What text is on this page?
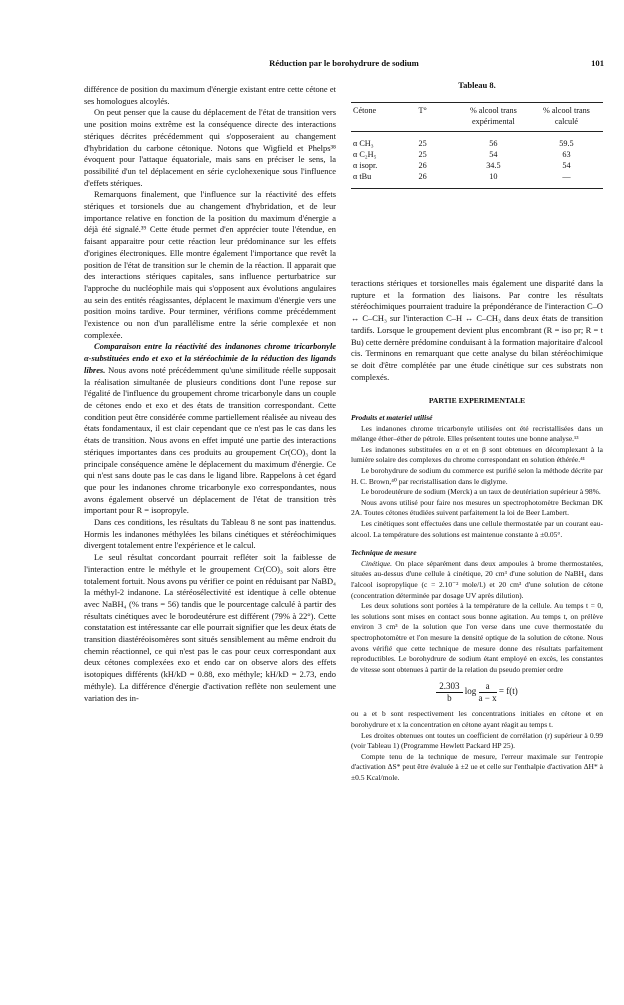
Réduction par le borohydrure de sodium	101

différence de position du maximum d'énergie existant entre cette cétone et ses homologues alcoylés.

On peut penser que la cause du déplacement de l'état de transition vers une position moins extrême est la conséquence directe des interactions stériques décrites précédemment qui s'opposeraient au changement d'hybridation du carbone cétonique. Notons que Wigfield et Phelps³⁸ évoquent pour l'attaque équatoriale, mais sans en préciser le sens, la possibilité d'un tel déplacement en série cyclohexenique sous l'influence d'effets stériques.

Remarquons finalement, que l'influence sur la réactivité des effets stériques et torsionels due au changement d'hybridation, et de leur importance relative en fonction de la position du maximum d'énergie a déjà été signalé.³⁹ Cette étude permet d'en apprécier toute l'étendue, en faisant apparaitre pour cette réaction leur prédominance sur les effets d'origines électroniques. Elle montre également l'importance que revêt la position de l'état de transition sur le chemin de la réaction. Il apparait que des interactions stériques capitales, sans influence perturbatrice sur l'approche du nucléophile mais qui s'opposent aux évolutions angulaires au sein des entités réagissantes, déplacent le maximum d'énergie vers une position moins tardive. Pour terminer, vérifions comme précédemment l'existence ou non d'un parallélisme entre la série complexée et non complexée.

Comparaison entre la réactivité des indanones chrome tricarbonyle α-substituées endo et exo et la stéréochimie de la réduction des ligands libres. Nous avons noté précédemment qu'une similitude réelle supposait la réalisation simultanée de plusieurs conditions dont l'une repose sur l'égalité de l'influence du groupement chrome tricarbonyle dans un couple de cétones endo et exo et des états de transition correspondant. Cette condition peut être considérée comme partiellement réalisée au niveau des états fondamentaux, il est clair cependant que ce n'est pas le cas dans les états de transition. Nous avons en effet imputé une partie des interactions stériques importantes dans ces produits au groupement Cr(CO)₃ dont la principale conséquence amène le déplacement du maximum d'énergie. Ce qui n'est sans doute pas le cas dans le ligand libre. Rappelons à cet égard que pour les indanones chrome tricarbonyle exo correspondantes, nous avons également observé un déplacement de l'état de transition très important pour R = isopropyle.

Dans ces conditions, les résultats du Tableau 8 ne sont pas inattendus. Hormis les indanones méthylées les bilans cinétiques et stéréochimiques divergent totalement entre l'expérience et le calcul.

Le seul résultat concordant pourrait refléter soit la faiblesse de l'interaction entre le méthyle et le groupement Cr(CO)₃ soit alors être totalement fortuit. Nous avons pu vérifier ce point en réduisant par NaBD₄ la méthyl-2 indanone. La stéréosélectivité est identique à celle obtenue avec NaBH₄ (% trans = 56) tandis que le pourcentage calculé à partir des résultats cinétiques avec le borodeutérure est différent (79% à 22°). Cette constatation est intéressante car elle pourrait signifier que les deux états de transition diastéréoisomères sont situés sensiblement au même endroit du chemin réactionnel, ce qui n'est pas le cas pour ceux correspondant aux deux cétones complexées exo et endo car on observe alors des effets isotopiques différents (kH/kD = 0.88, exo méthyle; kH/kD = 2.73, endo méthyle). La différence d'énergie d'activation reflète non seulement une variation des in-

Tableau 8.
Cétone	T°	% alcool trans expérimental	% alcool trans calculé
α CH₃	25	56	59.5
α C₂H₅	25	54	63
α isopr.	26	34.5	54
α tBu	26	10	—

teractions stériques et torsionelles mais également une disparité dans la rupture et la formation des liaisons. Par contre les résultats stéréochimiques pourraient traduire la prépondérance de l'interaction C–O ↔ C–CH₃ sur l'interaction C–H ↔ C–CH₃ dans deux états de transition tardifs. Lorsque le groupement devient plus encombrant (R = iso pr; R = t Bu) cette dernère prédomine conduisant à la formation majoritaire d'alcool cis. Terminons en remarquant que cette analyse du bilan stéréochimique se doit d'être complétée par une étude cinétique sur ces substrats non complexés.

PARTIE EXPERIMENTALE

Produits et materiel utilisé

Les indanones chrome tricarbonyle utilisées ont été recristallisées dans un mélange éther–éther de pétrole. Elles présentent toutes une bonne analyse.¹³

Les indanones substituées en α et en β sont obtenues en décomplexant à la lumière solaire des complexes du chrome correspondant en solution éthérée.⁴¹

Le borohydrure de sodium du commerce est purifié selon la méthode décrite par H. C. Brown,⁴⁰ par recristallisation dans le diglyme.

Le borodeutérure de sodium (Merck) a un taux de deutériation supérieur à 98%.

Nous avons utilisé pour faire nos mesures un spectrophotomètre Beckman DK 2A. Toutes cétones étudiées suivent parfaitement la loi de Beer Lambert.

Les cinétiques sont effectuées dans une cellule thermostatée par un courant eau-alcool. La température des solutions est maintenue constante à ±0.05°.

Technique de mesure

Cinétique. On place séparément dans deux ampoules à brome thermostatées, situées au-dessus d'une cellule à cinétique, 20 cm³ d'une solution de NaBH₄ dans l'alcool isopropylique (c = 2.10⁻² mole/l.) et 20 cm³ d'une solution de cétone (concentration déterminée par dosage UV après dilution).

Les deux solutions sont portées à la température de la cellule. Au temps t = 0, les solutions sont mises en contact sous bonne agitation. Au temps t, on prélève environ 3 cm³ de la solution que l'on verse dans une cuve thermostatée du spectrophotomètre et l'on mesure la densité optique de la solution de cétone. Nous avons vérifié que cette technique de mesure donne des résultats parfaitement reproductibles. Le borohydrure de sodium étant employé en excès, les constantes de vitesse sont obtenues à partir de la relation du pseudo premier ordre

$\frac{2.303}{b}$ $\log \frac{a}{a - x} = f(t)$

ou a et b sont respectivement les concentrations initiales en cétone et en borohydrure et x la concentration en cétone ayant réagit au temps t.

Les droites obtenues ont toutes un coefficient de corrélation (r) supérieur à 0.99 (voir Tableau 1) (Programme Hewlett Packard HP 25).

Compte tenu de la technique de mesure, l'erreur maximale sur l'entropie d'activation ΔS* peut être évaluée à ±2 ue et celle sur l'enthalpie d'activation ΔH* à ±0.5 Kcal/mole.
